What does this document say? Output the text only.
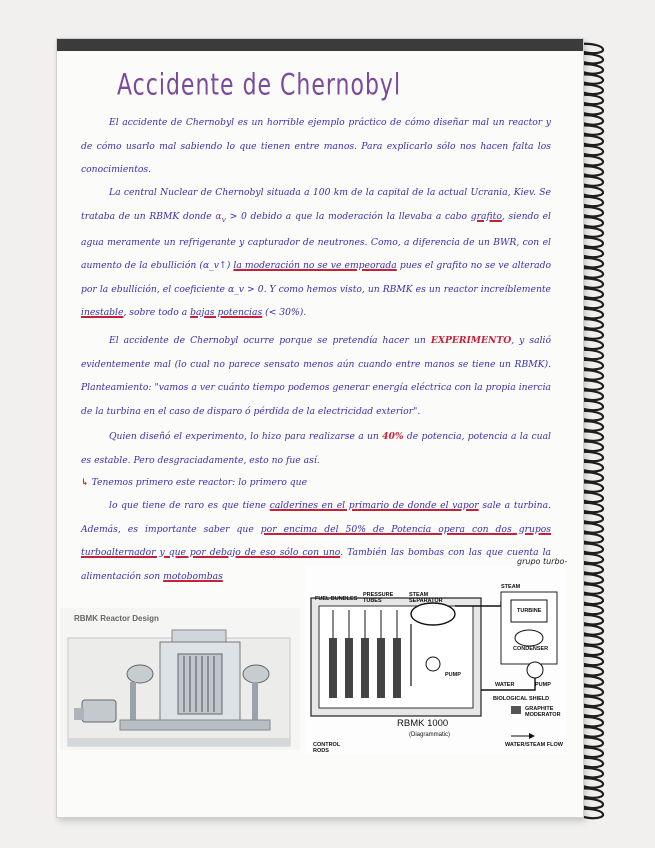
Accidente de Chernobyl
El accidente de Chernobyl es un horrible ejemplo práctico de cómo diseñar mal un reactor y de cómo usarlo mal sabiendo lo que tienen entre manos. Para explicarlo sólo nos hacen falta los conocimientos.
La central Nuclear de Chernobyl situada a 100 km de la capital de la actual Ucrania, Kiev. Se trataba de un RBMK donde $\alpha_v > 0$ debido a que la moderación la llevaba a cabo grafito, siendo el agua meramente un refrigerante y capturador de neutrones. Como, a diferencia de un BWR, con el aumento de la ebullición (α_v↑) la moderación no se ve empeorada pues el grafito no se ve alterado por la ebullición, el coeficiente α_v > 0. Y como hemos visto, un RBMK es un reactor increíblemente inestable, sobre todo a bajas potencias (< 30%).
El accidente de Chernobyl ocurre porque se pretendía hacer un EXPERIMENTO, y salió evidentemente mal (lo cual no parece sensato menos aún cuando entre manos se tiene un RBMK). Planteamiento: "vamos a ver cuánto tiempo podemos generar energía eléctrica con la propia inercia de la turbina en el caso de disparo ó pérdida de la electricidad exterior".
Quien diseñó el experimento, lo hizo para realizarse a un 40% de potencia, potencia a la cual es estable. Pero desgraciadamente, esto no fue así.
↳ Tenemos primero este reactor: lo primero que
lo que tiene de raro es que tiene calderines en el primario de donde el vapor sale a turbina. Además, es importante saber que por encima del 50% de Potencia opera con dos grupos turboalternador y que por debajo de eso sólo con uno. También las bombas con las que cuenta la alimentación son motobombas
grupo turbo-
RBMK Reactor Design
FUEL BUNDLES
PRESSURE TUBES
STEAM SEPARATOR
STEAM
TURBINE
CONDENSER
WATER	PUMP
PUMP
BIOLOGICAL SHIELD
GRAPHITE MODERATOR
CONTROL RODS
WATER/STEAM FLOW
RBMK 1000
(Diagrammatic)
